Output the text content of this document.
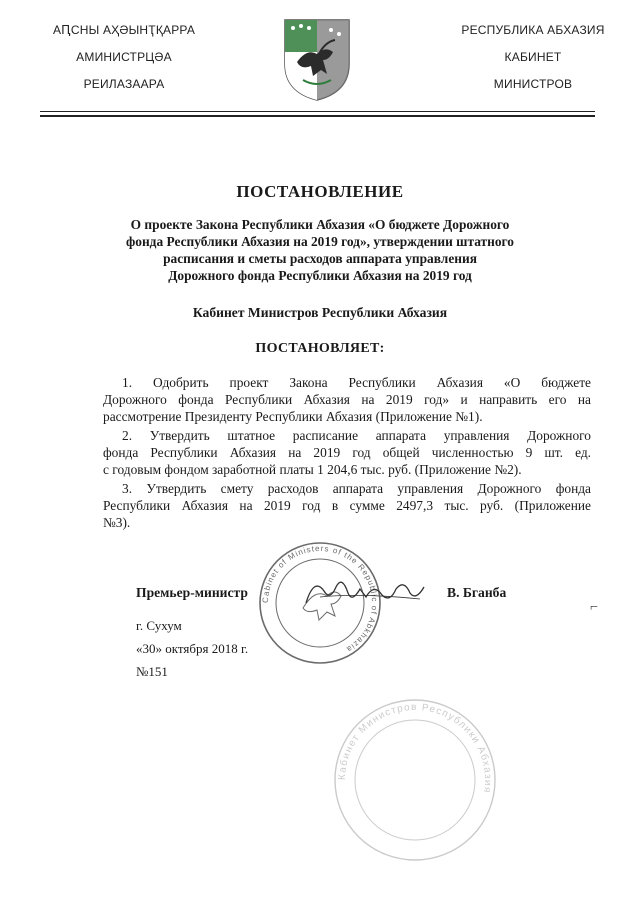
АԤСНЫ АҲӘЫНҬҚАРРА
АМИНИСТРЦӘА
РЕИЛАЗААРА
РЕСПУБЛИКА АБХАЗИЯ
КАБИНЕТ
МИНИСТРОВ
ПОСТАНОВЛЕНИЕ
О проекте Закона Республики Абхазия «О бюджете Дорожного
фонда Республики Абхазия на 2019 год», утверждении штатного
расписания и сметы расходов аппарата управления
Дорожного фонда Республики Абхазия на 2019 год
Кабинет Министров Республики Абхазия
ПОСТАНОВЛЯЕТ:
1. Одобрить проект Закона Республики Абхазия «О бюджете
Дорожного фонда Республики Абхазия на 2019 год» и направить его на
рассмотрение Президенту Республики Абхазия (Приложение №1).
2. Утвердить штатное расписание аппарата управления Дорожного
фонда Республики Абхазия на 2019 год общей численностью 9 шт. ед.
с годовым фондом заработной платы 1 204,6 тыс. руб. (Приложение №2).
3. Утвердить смету расходов аппарата управления Дорожного фонда
Республики Абхазия на 2019 год в сумме 2497,3 тыс. руб. (Приложение
№3).
Cabinet of Ministers of the Republic of Abkhazia
Премьер-министр	В. Бганба
⌐
г. Сухум
«30» октября 2018 г.
№151
Кабинет Министров Республики Абхазия
